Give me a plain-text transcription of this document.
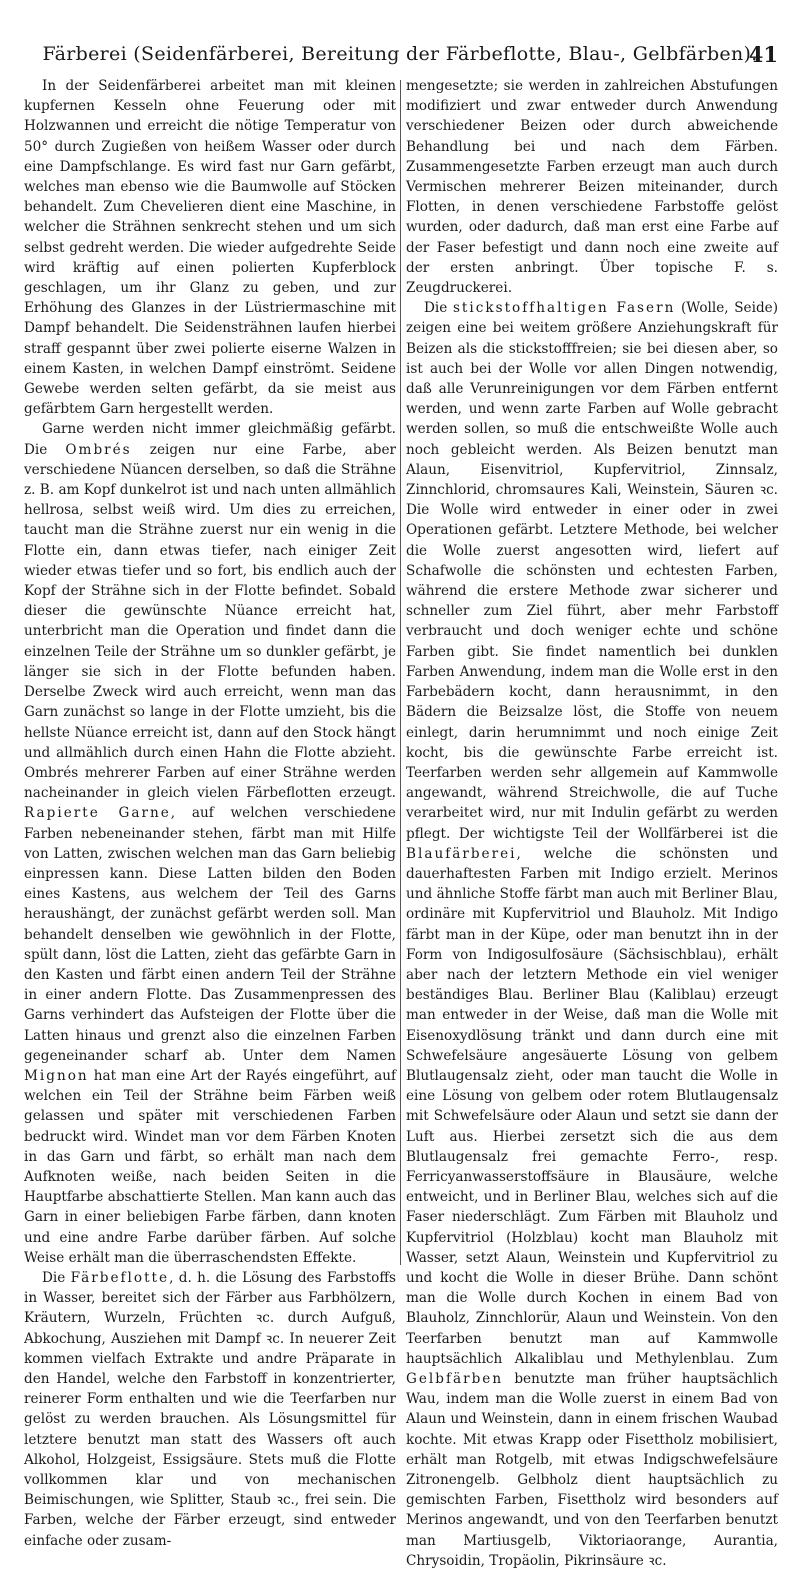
Färberei (Seidenfärberei, Bereitung der Färbeflotte, Blau-, Gelbfärben).
41

In der Seidenfärberei arbeitet man mit kleinen kupfernen Kesseln ohne Feuerung oder mit Holzwannen und erreicht die nötige Temperatur von 50° durch Zugießen von heißem Wasser oder durch eine Dampfschlange. Es wird fast nur Garn gefärbt, welches man ebenso wie die Baumwolle auf Stöcken behandelt. Zum Chevelieren dient eine Maschine, in welcher die Strähnen senkrecht stehen und um sich selbst gedreht werden. Die wieder aufgedrehte Seide wird kräftig auf einen polierten Kupferblock geschlagen, um ihr Glanz zu geben, und zur Erhöhung des Glanzes in der Lüstriermaschine mit Dampf behandelt. Die Seidensträhnen laufen hierbei straff gespannt über zwei polierte eiserne Walzen in einem Kasten, in welchen Dampf einströmt. Seidene Gewebe werden selten gefärbt, da sie meist aus gefärbtem Garn hergestellt werden.

Garne werden nicht immer gleichmäßig gefärbt. Die Ombrés zeigen nur eine Farbe, aber verschiedene Nüancen derselben, so daß die Strähne z. B. am Kopf dunkelrot ist und nach unten allmählich hellrosa, selbst weiß wird. Um dies zu erreichen, taucht man die Strähne zuerst nur ein wenig in die Flotte ein, dann etwas tiefer, nach einiger Zeit wieder etwas tiefer und so fort, bis endlich auch der Kopf der Strähne sich in der Flotte befindet. Sobald dieser die gewünschte Nüance erreicht hat, unterbricht man die Operation und findet dann die einzelnen Teile der Strähne um so dunkler gefärbt, je länger sie sich in der Flotte befunden haben. Derselbe Zweck wird auch erreicht, wenn man das Garn zunächst so lange in der Flotte umzieht, bis die hellste Nüance erreicht ist, dann auf den Stock hängt und allmählich durch einen Hahn die Flotte abzieht. Ombrés mehrerer Farben auf einer Strähne werden nacheinander in gleich vielen Färbeflotten erzeugt. Rapierte Garne, auf welchen verschiedene Farben nebeneinander stehen, färbt man mit Hilfe von Latten, zwischen welchen man das Garn beliebig einpressen kann. Diese Latten bilden den Boden eines Kastens, aus welchem der Teil des Garns heraushängt, der zunächst gefärbt werden soll. Man behandelt denselben wie gewöhnlich in der Flotte, spült dann, löst die Latten, zieht das gefärbte Garn in den Kasten und färbt einen andern Teil der Strähne in einer andern Flotte. Das Zusammenpressen des Garns verhindert das Aufsteigen der Flotte über die Latten hinaus und grenzt also die einzelnen Farben gegeneinander scharf ab. Unter dem Namen Mignon hat man eine Art der Rayés eingeführt, auf welchen ein Teil der Strähne beim Färben weiß gelassen und später mit verschiedenen Farben bedruckt wird. Windet man vor dem Färben Knoten in das Garn und färbt, so erhält man nach dem Aufknoten weiße, nach beiden Seiten in die Hauptfarbe abschattierte Stellen. Man kann auch das Garn in einer beliebigen Farbe färben, dann knoten und eine andre Farbe darüber färben. Auf solche Weise erhält man die überraschendsten Effekte.

Die Färbeflotte, d. h. die Lösung des Farbstoffs in Wasser, bereitet sich der Färber aus Farbhölzern, Kräutern, Wurzeln, Früchten ꝛc. durch Aufguß, Abkochung, Ausziehen mit Dampf ꝛc. In neuerer Zeit kommen vielfach Extrakte und andre Präparate in den Handel, welche den Farbstoff in konzentrierter, reinerer Form enthalten und wie die Teerfarben nur gelöst zu werden brauchen. Als Lösungsmittel für letztere benutzt man statt des Wassers oft auch Alkohol, Holzgeist, Essigsäure. Stets muß die Flotte vollkommen klar und von mechanischen Beimischungen, wie Splitter, Staub ꝛc., frei sein. Die Farben, welche der Färber erzeugt, sind entweder einfache oder zusam-

mengesetzte; sie werden in zahlreichen Abstufungen modifiziert und zwar entweder durch Anwendung verschiedener Beizen oder durch abweichende Behandlung bei und nach dem Färben. Zusammengesetzte Farben erzeugt man auch durch Vermischen mehrerer Beizen miteinander, durch Flotten, in denen verschiedene Farbstoffe gelöst wurden, oder dadurch, daß man erst eine Farbe auf der Faser befestigt und dann noch eine zweite auf der ersten anbringt. Über topische F. s. Zeugdruckerei.

Die stickstoffhaltigen Fasern (Wolle, Seide) zeigen eine bei weitem größere Anziehungskraft für Beizen als die stickstofffreien; sie bei diesen aber, so ist auch bei der Wolle vor allen Dingen notwendig, daß alle Verunreinigungen vor dem Färben entfernt werden, und wenn zarte Farben auf Wolle gebracht werden sollen, so muß die entschweißte Wolle auch noch gebleicht werden. Als Beizen benutzt man Alaun, Eisenvitriol, Kupfervitriol, Zinnsalz, Zinnchlorid, chromsaures Kali, Weinstein, Säuren ꝛc. Die Wolle wird entweder in einer oder in zwei Operationen gefärbt. Letztere Methode, bei welcher die Wolle zuerst angesotten wird, liefert auf Schafwolle die schönsten und echtesten Farben, während die erstere Methode zwar sicherer und schneller zum Ziel führt, aber mehr Farbstoff verbraucht und doch weniger echte und schöne Farben gibt. Sie findet namentlich bei dunklen Farben Anwendung, indem man die Wolle erst in den Farbebädern kocht, dann herausnimmt, in den Bädern die Beizsalze löst, die Stoffe von neuem einlegt, darin herumnimmt und noch einige Zeit kocht, bis die gewünschte Farbe erreicht ist. Teerfarben werden sehr allgemein auf Kammwolle angewandt, während Streichwolle, die auf Tuche verarbeitet wird, nur mit Indulin gefärbt zu werden pflegt. Der wichtigste Teil der Wollfärberei ist die Blaufärberei, welche die schönsten und dauerhaftesten Farben mit Indigo erzielt. Merinos und ähnliche Stoffe färbt man auch mit Berliner Blau, ordinäre mit Kupfervitriol und Blauholz. Mit Indigo färbt man in der Küpe, oder man benutzt ihn in der Form von Indigosulfosäure (Sächsischblau), erhält aber nach der letztern Methode ein viel weniger beständiges Blau. Berliner Blau (Kaliblau) erzeugt man entweder in der Weise, daß man die Wolle mit Eisenoxydlösung tränkt und dann durch eine mit Schwefelsäure angesäuerte Lösung von gelbem Blutlaugensalz zieht, oder man taucht die Wolle in eine Lösung von gelbem oder rotem Blutlaugensalz mit Schwefelsäure oder Alaun und setzt sie dann der Luft aus. Hierbei zersetzt sich die aus dem Blutlaugensalz frei gemachte Ferro-, resp. Ferricyanwasserstoffsäure in Blausäure, welche entweicht, und in Berliner Blau, welches sich auf die Faser niederschlägt. Zum Färben mit Blauholz und Kupfervitriol (Holzblau) kocht man Blauholz mit Wasser, setzt Alaun, Weinstein und Kupfervitriol zu und kocht die Wolle in dieser Brühe. Dann schönt man die Wolle durch Kochen in einem Bad von Blauholz, Zinnchlorür, Alaun und Weinstein. Von den Teerfarben benutzt man auf Kammwolle hauptsächlich Alkaliblau und Methylenblau. Zum Gelbfärben benutzte man früher hauptsächlich Wau, indem man die Wolle zuerst in einem Bad von Alaun und Weinstein, dann in einem frischen Waubad kochte. Mit etwas Krapp oder Fisettholz mobilisiert, erhält man Rotgelb, mit etwas Indigschwefelsäure Zitronengelb. Gelbholz dient hauptsächlich zu gemischten Farben, Fisettholz wird besonders auf Merinos angewandt, und von den Teerfarben benutzt man Martiusgelb, Viktoriaorange, Aurantia, Chrysoidin, Tropäolin, Pikrinsäure ꝛc.
